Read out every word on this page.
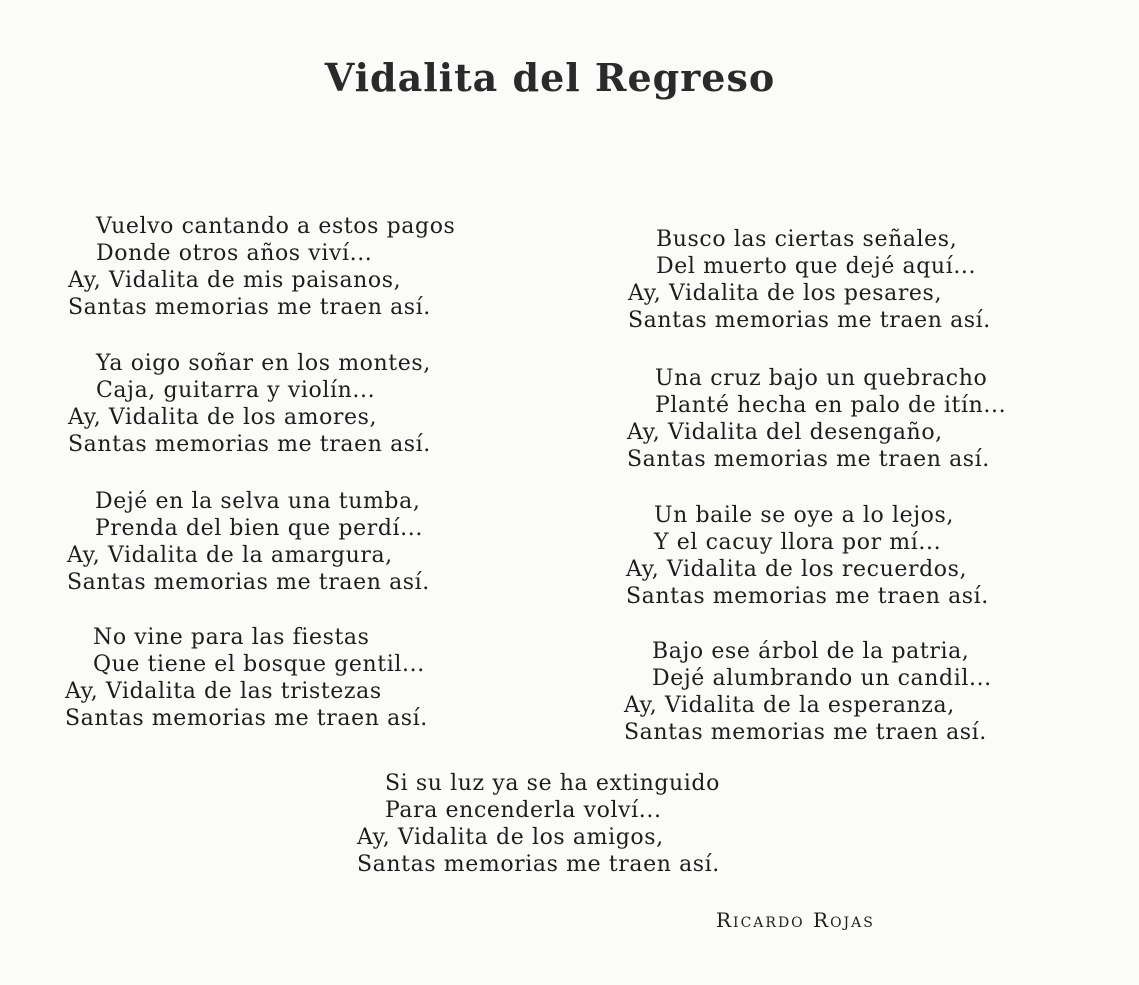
Vidalita del Regreso
Vuelvo cantando a estos pagos
Donde otros años viví...
Ay, Vidalita de mis paisanos,
Santas memorias me traen así.
Ya oigo soñar en los montes,
Caja, guitarra y violín...
Ay, Vidalita de los amores,
Santas memorias me traen así.
Dejé en la selva una tumba,
Prenda del bien que perdí...
Ay, Vidalita de la amargura,
Santas memorias me traen así.
No vine para las fiestas
Que tiene el bosque gentil...
Ay, Vidalita de las tristezas
Santas memorias me traen así.
Busco las ciertas señales,
Del muerto que dejé aquí...
Ay, Vidalita de los pesares,
Santas memorias me traen así.
Una cruz bajo un quebracho
Planté hecha en palo de itín...
Ay, Vidalita del desengaño,
Santas memorias me traen así.
Un baile se oye a lo lejos,
Y el cacuy llora por mí...
Ay, Vidalita de los recuerdos,
Santas memorias me traen así.
Bajo ese árbol de la patria,
Dejé alumbrando un candil...
Ay, Vidalita de la esperanza,
Santas memorias me traen así.
Si su luz ya se ha extinguido
Para encenderla volví...
Ay, Vidalita de los amigos,
Santas memorias me traen así.
Ricardo Rojas
